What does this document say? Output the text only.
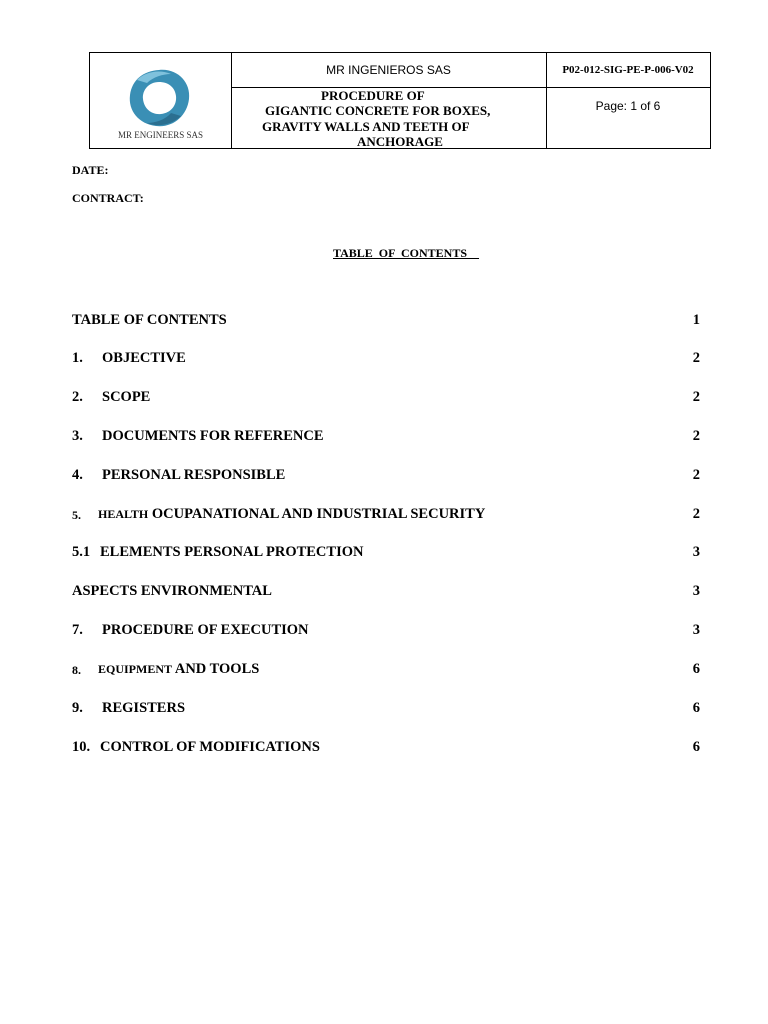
MR ENGINEERS SAS
MR INGENIEROS SAS	P02-012-SIG-PE-P-006-V02
PROCEDURE OF
GIGANTIC CONCRETE FOR BOXES,
GRAVITY WALLS AND TEETH OF
ANCHORAGE
Page: 1 of 6
DATE:
CONTRACT:
TABLE  OF  CONTENTS
TABLE OF CONTENTS	1
1. OBJECTIVE	2
2. SCOPE	2
3. DOCUMENTS FOR REFERENCE	2
4. PERSONAL RESPONSIBLE	2
5. HEALTH OCUPANATIONAL AND INDUSTRIAL SECURITY	2
5.1 ELEMENTS PERSONAL PROTECTION	3
ASPECTS ENVIRONMENTAL	3
7. PROCEDURE OF EXECUTION	3
8. EQUIPMENT AND TOOLS	6
9. REGISTERS	6
10. CONTROL OF MODIFICATIONS	6
